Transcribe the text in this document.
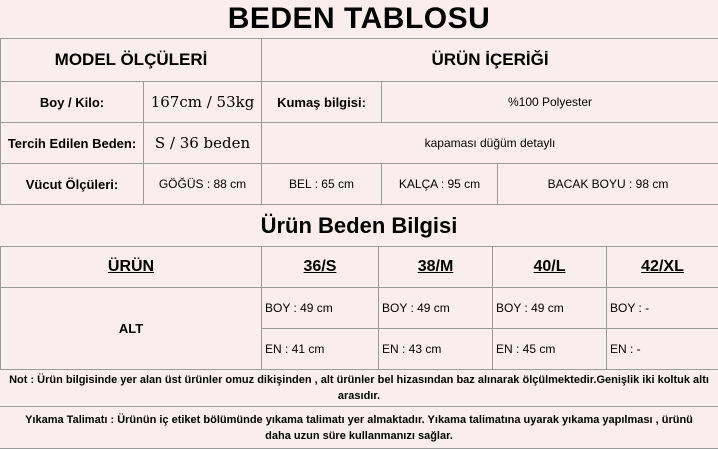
BEDEN TABLOSU
MODEL ÖLÇÜLERİ		ÜRÜN İÇERİĞİ		
Boy / Kilo:	167cm / 53kg	Kumaş bilgisi:	%100 Polyester	
Tercih Edilen Beden:	S / 36 beden	kapaması düğüm detaylı		
Vücut Ölçüleri:	GÖĞÜS : 88 cm	BEL : 65 cm	KALÇA : 95 cm	BACAK BOYU : 98 cm
Ürün Beden Bilgisi
ÜRÜN	36/S	38/M	40/L	42/XL
ALT	BOY : 49 cm	BOY : 49 cm	BOY : 49 cm	BOY : -
	EN : 41 cm	EN : 43 cm	EN : 45 cm	EN : -
Not : Ürün bilgisinde yer alan üst ürünler omuz dikişinden , alt ürünler bel hizasından baz alınarak ölçülmektedir.Genişlik iki koltuk altı
arasıdır.
Yıkama Talimatı : Ürünün iç etiket bölümünde yıkama talimatı yer almaktadır. Yıkama talimatına uyarak yıkama yapılması , ürünü
daha uzun süre kullanmanızı sağlar.
